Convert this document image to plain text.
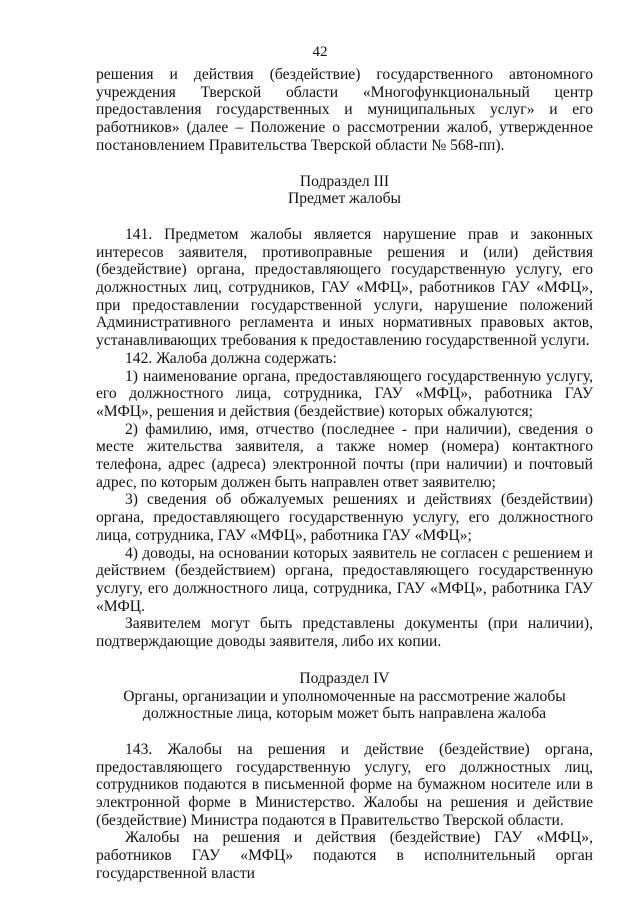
42

решения и действия (бездействие) государственного автономного учреждения Тверской области «Многофункциональный центр предоставления государственных и муниципальных услуг» и его работников» (далее – Положение о рассмотрении жалоб, утвержденное постановлением Правительства Тверской области № 568-пп).

Подраздел III
Предмет жалобы

141. Предметом жалобы является нарушение прав и законных интересов заявителя, противоправные решения и (или) действия (бездействие) органа, предоставляющего государственную услугу, его должностных лиц, сотрудников, ГАУ «МФЦ», работников ГАУ «МФЦ», при предоставлении государственной услуги, нарушение положений Административного регламента и иных нормативных правовых актов, устанавливающих требования к предоставлению государственной услуги.

142. Жалоба должна содержать:

1) наименование органа, предоставляющего государственную услугу, его должностного лица, сотрудника, ГАУ «МФЦ», работника ГАУ «МФЦ», решения и действия (бездействие) которых обжалуются;

2) фамилию, имя, отчество (последнее - при наличии), сведения о месте жительства заявителя, а также номер (номера) контактного телефона, адрес (адреса) электронной почты (при наличии) и почтовый адрес, по которым должен быть направлен ответ заявителю;

3) сведения об обжалуемых решениях и действиях (бездействии) органа, предоставляющего государственную услугу, его должностного лица, сотрудника, ГАУ «МФЦ», работника ГАУ «МФЦ»;

4) доводы, на основании которых заявитель не согласен с решением и действием (бездействием) органа, предоставляющего государственную услугу, его должностного лица, сотрудника, ГАУ «МФЦ», работника ГАУ «МФЦ.

Заявителем могут быть представлены документы (при наличии), подтверждающие доводы заявителя, либо их копии.

Подраздел IV
Органы, организации и уполномоченные на рассмотрение жалобы
должностные лица, которым может быть направлена жалоба

143. Жалобы на решения и действие (бездействие) органа, предоставляющего государственную услугу, его должностных лиц, сотрудников подаются в письменной форме на бумажном носителе или в электронной форме в Министерство. Жалобы на решения и действие (бездействие) Министра подаются в Правительство Тверской области.

Жалобы на решения и действия (бездействие) ГАУ «МФЦ», работников ГАУ «МФЦ» подаются в исполнительный орган государственной власти
